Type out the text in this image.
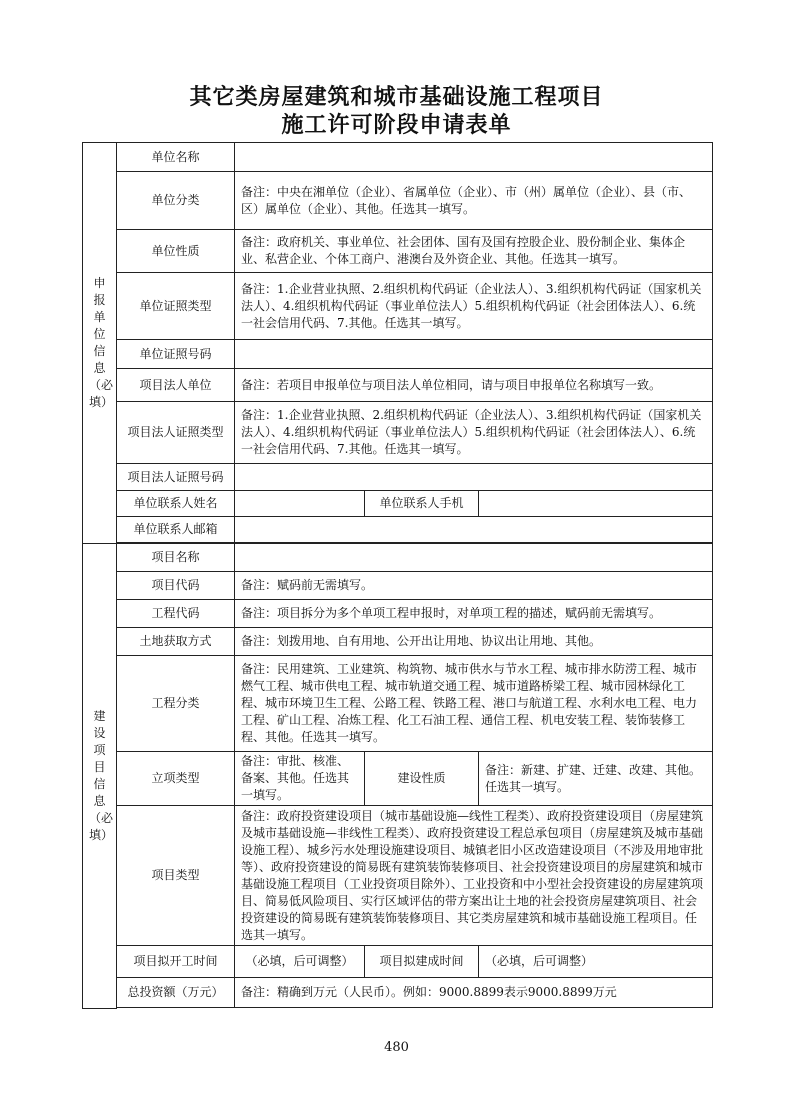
其它类房屋建筑和城市基础设施工程项目
施工许可阶段申请表单
申报单位信息（必填）	单位名称			
	单位分类	备注：中央在湘单位（企业）、省属单位（企业）、市（州）属单位（企业）、县（市、区）属单位（企业）、其他。任选其一填写。		
	单位性质	备注：政府机关、事业单位、社会团体、国有及国有控股企业、股份制企业、集体企业、私营企业、个体工商户、港澳台及外资企业、其他。任选其一填写。		
	单位证照类型	备注：1.企业营业执照、2.组织机构代码证（企业法人）、3.组织机构代码证（国家机关法人）、4.组织机构代码证（事业单位法人）5.组织机构代码证（社会团体法人）、6.统一社会信用代码、7.其他。任选其一填写。		
	单位证照号码			
	项目法人单位	备注：若项目申报单位与项目法人单位相同，请与项目申报单位名称填写一致。		
	项目法人证照类型	备注：1.企业营业执照、2.组织机构代码证（企业法人）、3.组织机构代码证（国家机关法人）、4.组织机构代码证（事业单位法人）5.组织机构代码证（社会团体法人）、6.统一社会信用代码、7.其他。任选其一填写。		
	项目法人证照号码			
	单位联系人姓名		单位联系人手机	
	单位联系人邮箱			

建设项目信息（必填）	项目名称			
	项目代码	备注：赋码前无需填写。		
	工程代码	备注：项目拆分为多个单项工程申报时，对单项工程的描述，赋码前无需填写。		
	土地获取方式	备注：划拨用地、自有用地、公开出让用地、协议出让用地、其他。		
	工程分类	备注：民用建筑、工业建筑、构筑物、城市供水与节水工程、城市排水防涝工程、城市燃气工程、城市供电工程、城市轨道交通工程、城市道路桥梁工程、城市园林绿化工程、城市环境卫生工程、公路工程、铁路工程、港口与航道工程、水利水电工程、电力工程、矿山工程、冶炼工程、化工石油工程、通信工程、机电安装工程、装饰装修工程、其他。任选其一填写。		
	立项类型	备注：审批、核准、备案、其他。任选其一填写。	建设性质	备注：新建、扩建、迁建、改建、其他。任选其一填写。
	项目类型	备注：政府投资建设项目（城市基础设施—线性工程类）、政府投资建设项目（房屋建筑及城市基础设施—非线性工程类）、政府投资建设工程总承包项目（房屋建筑及城市基础设施工程）、城乡污水处理设施建设项目、城镇老旧小区改造建设项目（不涉及用地审批等）、政府投资建设的简易既有建筑装饰装修项目、社会投资建设项目的房屋建筑和城市基础设施工程项目（工业投资项目除外）、工业投资和中小型社会投资建设的房屋建筑项目、简易低风险项目、实行区域评估的带方案出让土地的社会投资房屋建筑项目、社会投资建设的简易既有建筑装饰装修项目、其它类房屋建筑和城市基础设施工程项目。任选其一填写。		
	项目拟开工时间	（必填，后可调整）	项目拟建成时间	（必填，后可调整）
	总投资额（万元）	备注：精确到万元（人民币）。例如：9000.8899表示9000.8899万元		

480
